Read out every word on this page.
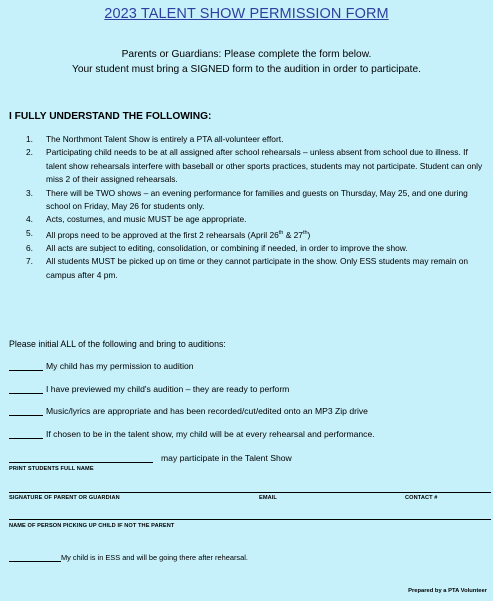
2023 TALENT SHOW PERMISSION FORM
Parents or Guardians: Please complete the form below.
Your student must bring a SIGNED form to the audition in order to participate.
I FULLY UNDERSTAND THE FOLLOWING:
1.	The Northmont Talent Show is entirely a PTA all-volunteer effort.
2.	Participating child needs to be at all assigned after school rehearsals – unless absent from school due to illness. If talent show rehearsals interfere with baseball or other sports practices, students may not participate. Student can only miss 2 of their assigned rehearsals.
3.	There will be TWO shows – an evening performance for families and guests on Thursday, May 25, and one during school on Friday, May 26 for students only.
4.	Acts, costumes, and music MUST be age appropriate.
5.	All props need to be approved at the first 2 rehearsals (April 26th & 27th)
6.	All acts are subject to editing, consolidation, or combining if needed, in order to improve the show.
7.	All students MUST be picked up on time or they cannot participate in the show. Only ESS students may remain on campus after 4 pm.
Please initial ALL of the following and bring to auditions:
My child has my permission to audition
I have previewed my child's audition – they are ready to perform
Music/lyrics are appropriate and has been recorded/cut/edited onto an MP3 Zip drive
If chosen to be in the talent show, my child will be at every rehearsal and performance.
may participate in the Talent Show
PRINT STUDENTS FULL NAME
SIGNATURE OF PARENT OR GUARDIAN	EMAIL	CONTACT #
NAME OF PERSON PICKING UP CHILD IF NOT THE PARENT
My child is in ESS and will be going there after rehearsal.
Prepared by a PTA Volunteer
